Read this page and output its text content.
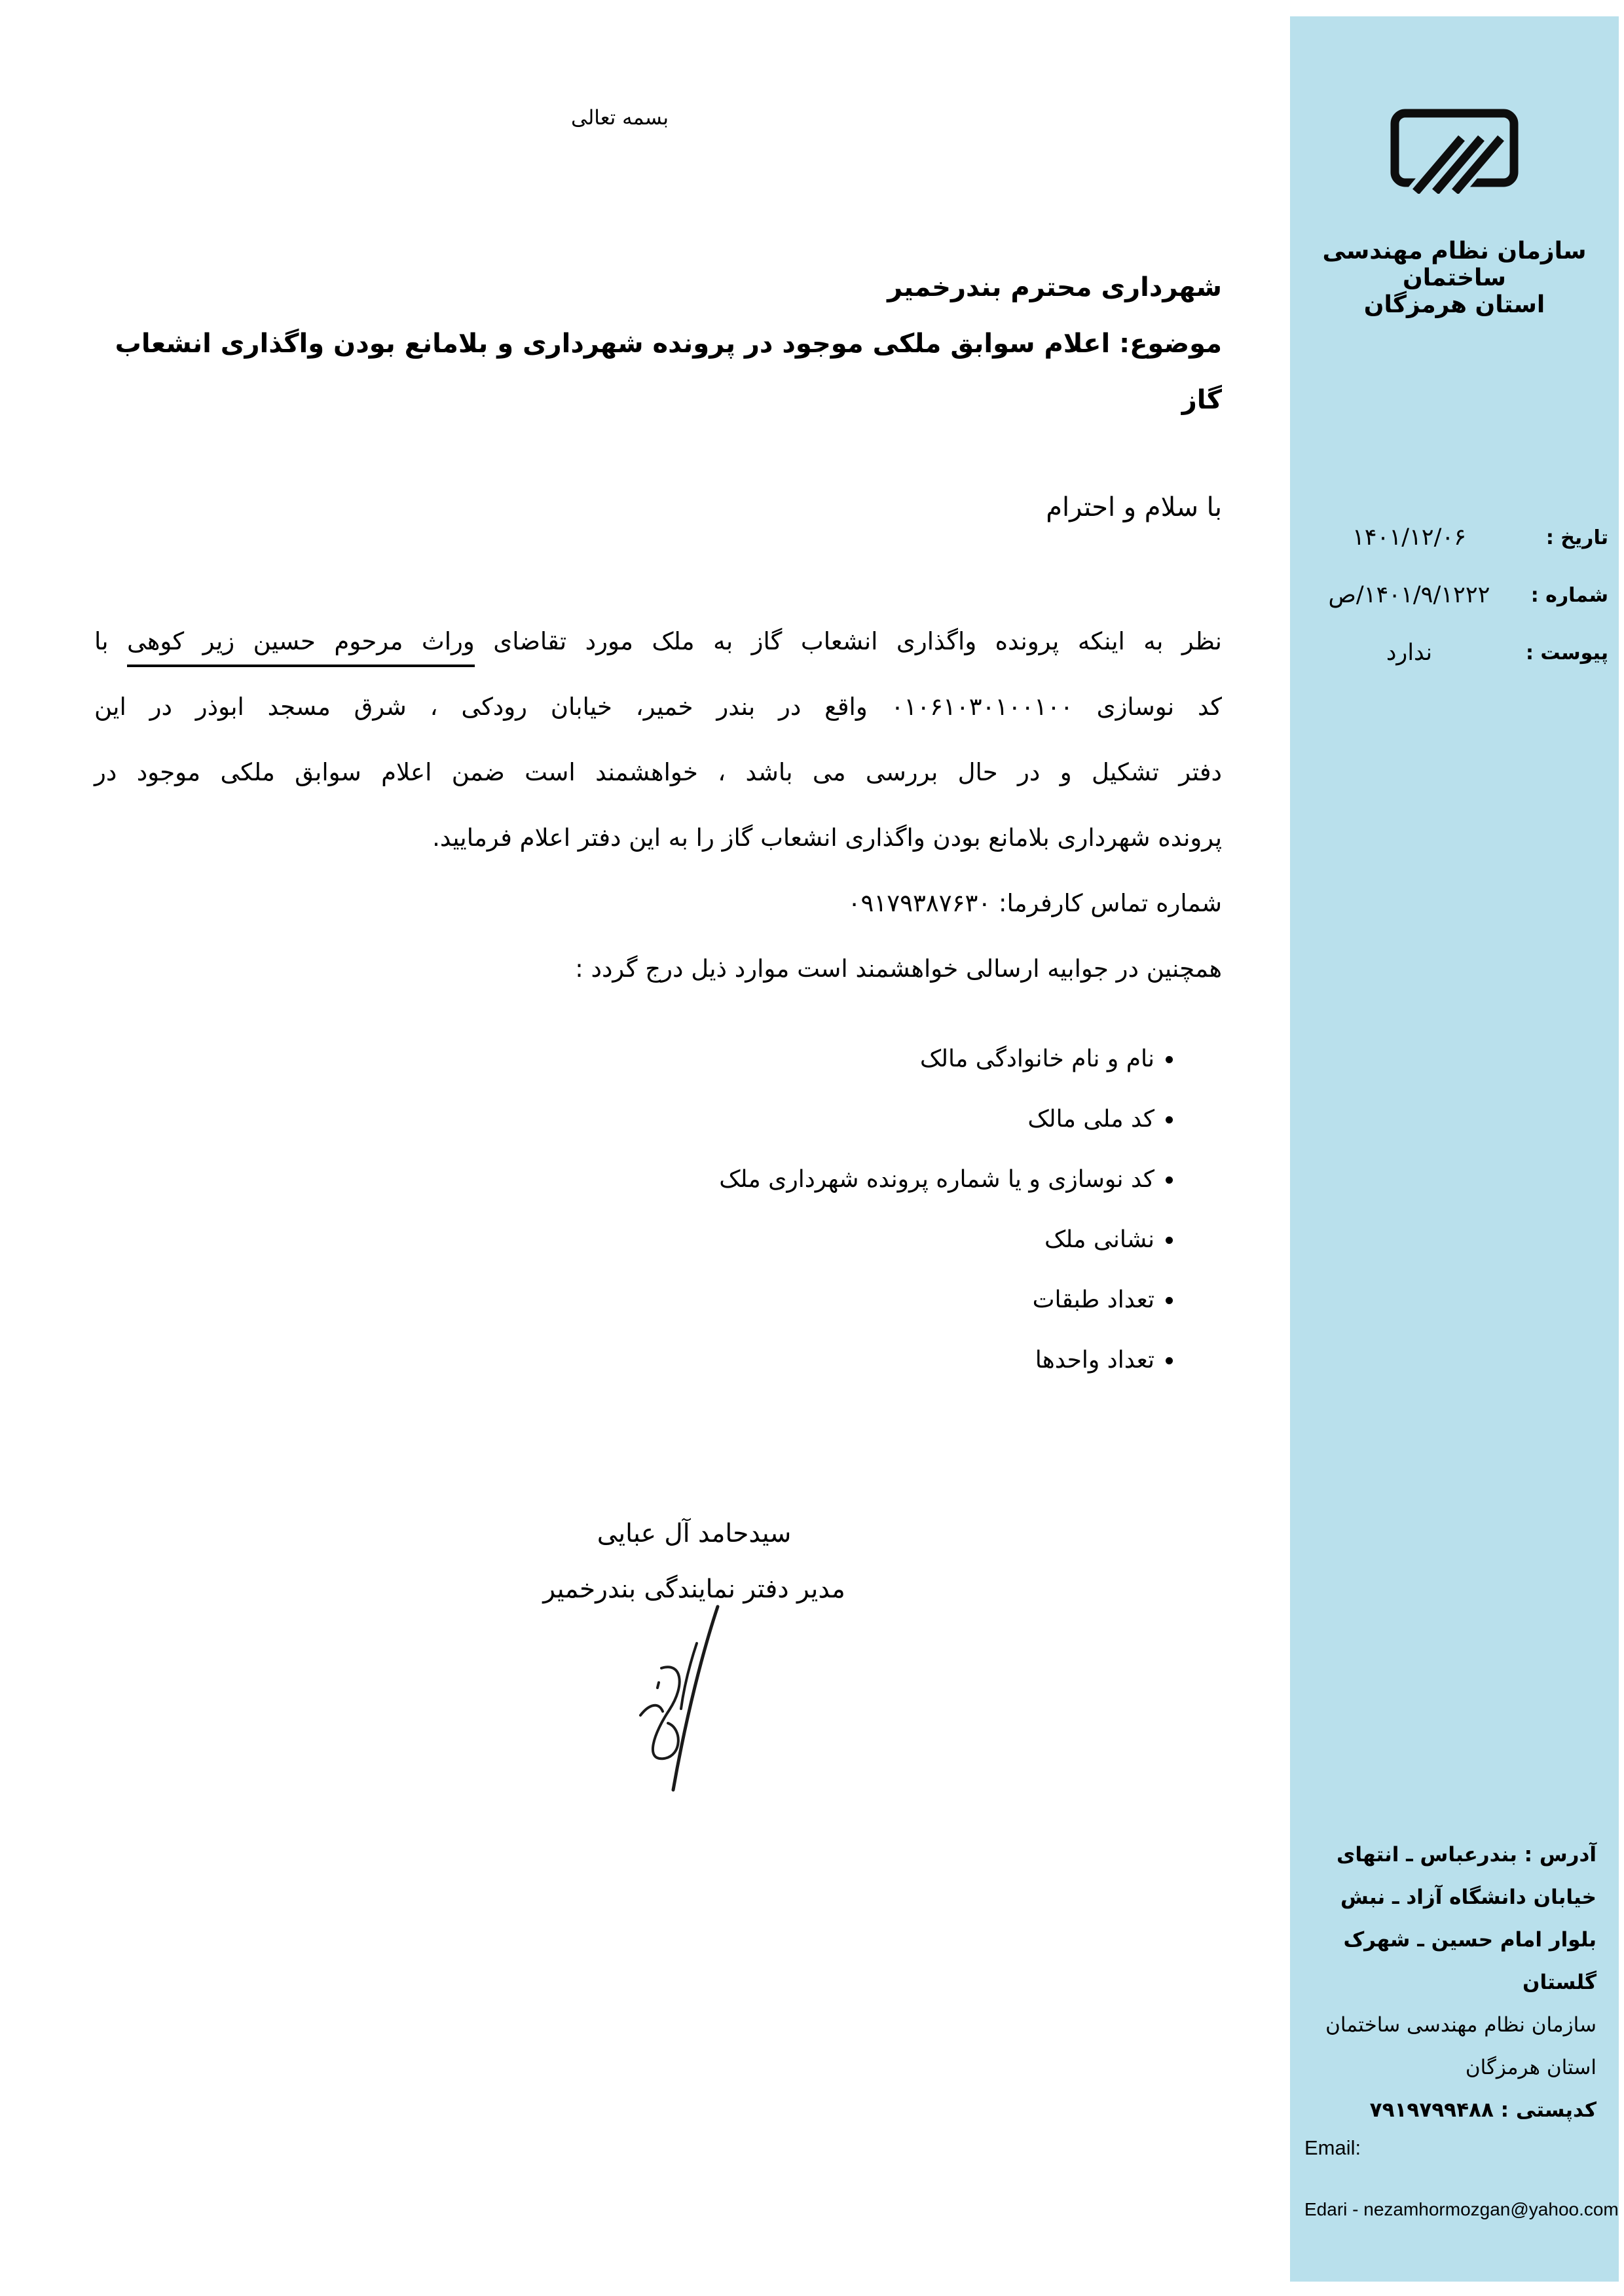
بسمه تعالی
شهرداری محترم بندرخمیر
موضوع: اعلام سوابق ملکی موجود در پرونده شهرداری و بلامانع بودن واگذاری انشعاب
گاز
با سلام و احترام
نظر به اینکه پرونده واگذاری انشعاب گاز به ملک مورد تقاضای وراث مرحوم حسین زیر کوهی با
کد نوسازی ۰۱۰۶۱۰۳۰۱۰۰۱۰۰ واقع در بندر خمیر، خیابان رودکی ، شرق مسجد ابوذر در این
دفتر تشکیل و در حال بررسی می باشد ، خواهشمند است ضمن اعلام سوابق ملکی موجود در
پرونده شهرداری بلامانع بودن واگذاری انشعاب گاز را به این دفتر اعلام فرمایید.
شماره تماس کارفرما: ۰۹۱۷۹۳۸۷۶۳۰
همچنین در جوابیه ارسالی خواهشمند است موارد ذیل درج گردد :
• نام و نام خانوادگی مالک
• کد ملی مالک
• کد نوسازی و یا شماره پرونده شهرداری ملک
• نشانی ملک
• تعداد طبقات
• تعداد واحدها
سیدحامد آل عبایی
مدیر دفتر نمایندگی بندرخمیر
سازمان نظام مهندسی ساختمان
استان هرمزگان
تاریخ :
۱۴۰۱/۱۲/۰۶
شماره :
۱۴۰۱/۹/۱۲۲۲/ص
پیوست :
ندارد
آدرس : بندرعباس ـ انتهای
خیابان دانشگاه آزاد ـ نبش
بلوار امام حسین ـ شهرک
گلستان
سازمان نظام مهندسی ساختمان
استان هرمزگان
کدپستی : ۷۹۱۹۷۹۹۴۸۸
Email:
Edari - nezamhormozgan@yahoo.com
